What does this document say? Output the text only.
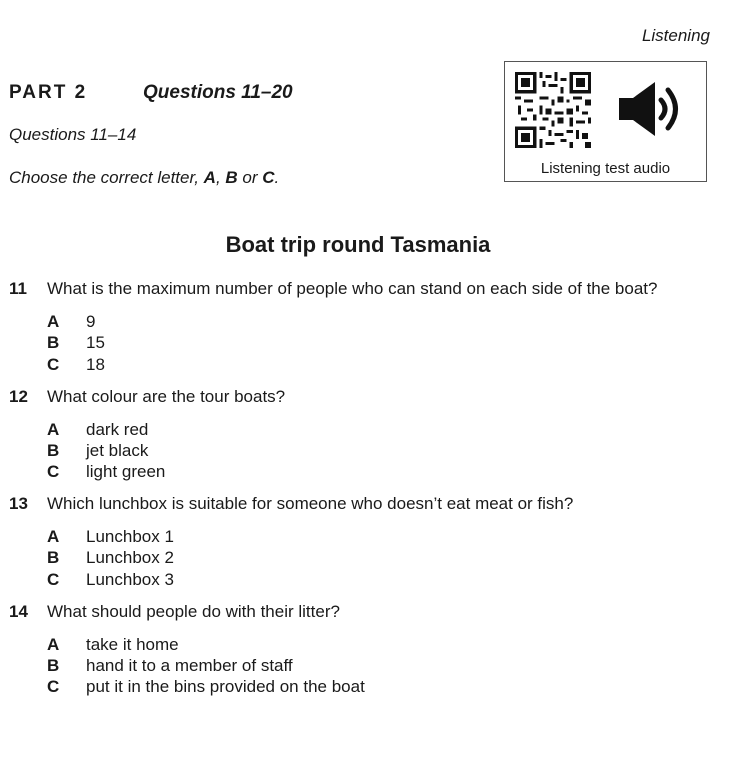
Listening
PART 2	Questions 11–20
Questions 11–14
Choose the correct letter, A, B or C.	Listening test audio
Boat trip round Tasmania
11 What is the maximum number of people who can stand on each side of the boat?
A 9
B 15
C 18
12 What colour are the tour boats?
A dark red
B jet black
C light green
13 Which lunchbox is suitable for someone who doesn’t eat meat or fish?
A Lunchbox 1
B Lunchbox 2
C Lunchbox 3
14 What should people do with their litter?
A take it home
B hand it to a member of staff
C put it in the bins provided on the boat
